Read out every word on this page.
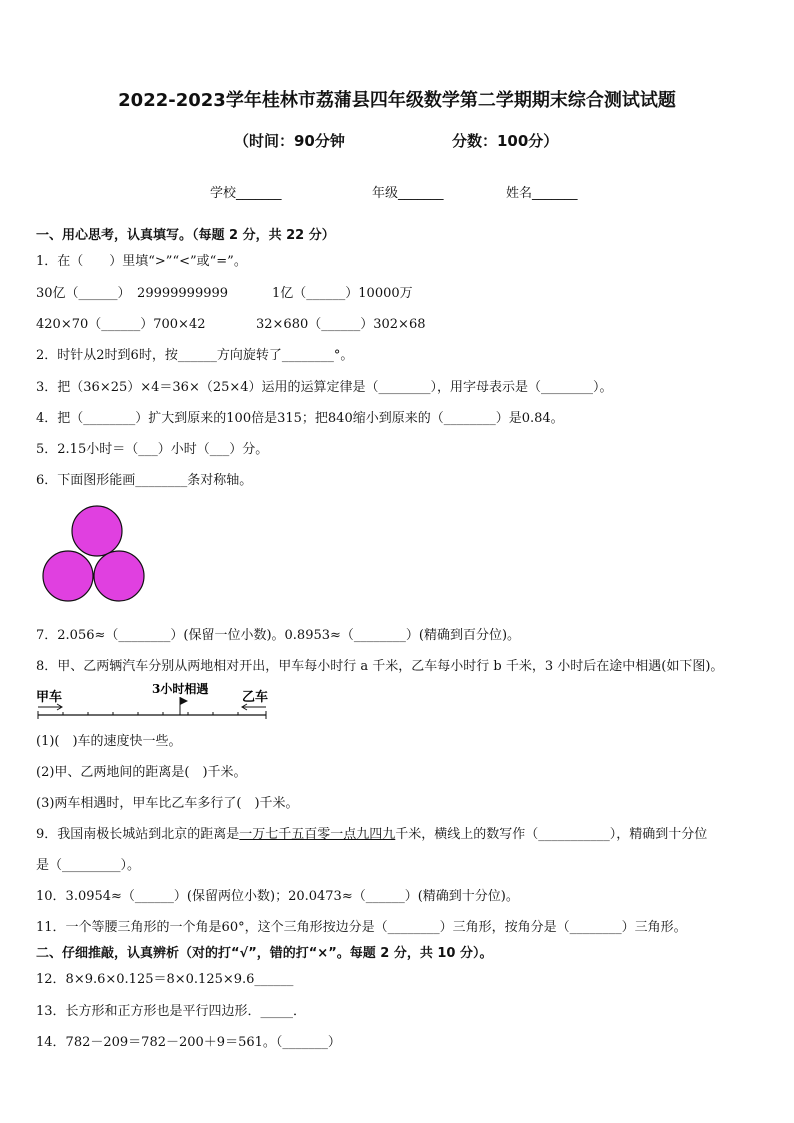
2022-2023学年桂林市荔蒲县四年级数学第二学期期末综合测试试题
（时间：90分钟	分数：100分）
学校_______	年级_______	姓名_______
一、用心思考，认真填写。（每题 2 分，共 22 分）
1．在（　　）里填“>”“<”或“=”。
30亿（______）　29999999999	1亿（______）10000万
420×70（______）700×42	32×680（______）302×68
2．时针从2时到6时，按______方向旋转了________°。
3．把（36×25）×4＝36×（25×4）运用的运算定律是（________），用字母表示是（________）。
4．把（________）扩大到原来的100倍是315；把840缩小到原来的（________）是0.84。
5．2.15小时＝（___）小时（___）分。
6．下面图形能画________条对称轴。
7．2.056≈（________）(保留一位小数)。0.8953≈（________）(精确到百分位)。
8．甲、乙两辆汽车分别从两地相对开出，甲车每小时行 a 千米，乙车每小时行 b 千米，3 小时后在途中相遇(如下图)。
甲车
3小时相遇
乙车
(1)(　)车的速度快一些。
(2)甲、乙两地间的距离是(　)千米。
(3)两车相遇时，甲车比乙车多行了(　)千米。
9．我国南极长城站到北京的距离是一万七千五百零一点九四九千米，横线上的数写作（___________），精确到十分位
是（_________）。
10．3.0954≈（______）(保留两位小数)；20.0473≈（______）(精确到十分位)。
11．一个等腰三角形的一个角是60°，这个三角形按边分是（________）三角形，按角分是（________）三角形。
二、仔细推敲，认真辨析（对的打“√”，错的打“×”。每题 2 分，共 10 分）。
12．8×9.6×0.125＝8×0.125×9.6______
13．长方形和正方形也是平行四边形．_____．
14．782－209＝782－200＋9＝561。（_______）
